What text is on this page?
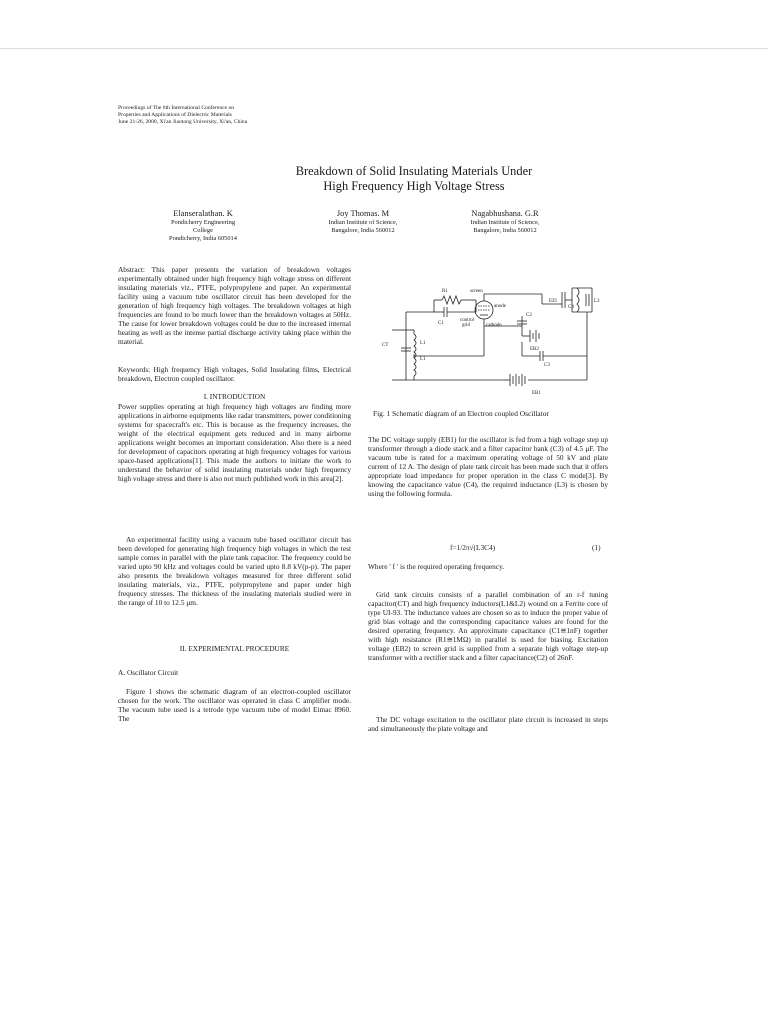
Proceedings of The 6th International Conference on
Properties and Applications of Dielectric Materials
June 21-26, 2000, Xi'an Jiaotong University, Xi'an, China
Breakdown of Solid Insulating Materials Under
High Frequency High Voltage Stress
Elanseralathan. K
Pondicherry Engineering
College
Pondicherry, India 605014
Joy Thomas. M
Indian Institute of Science,
Bangalore, India 560012
Nagabhushana. G.R
Indian Institute of Science,
Bangalore, India 560012
Abstract: This paper presents the variation of breakdown voltages experimentally obtained under high frequency high voltage stress on different insulating materials viz., PTFE, polypropylene and paper. An experimental facility using a vacuum tube oscillator circuit has been developed for the generation of high frequency high voltages. The breakdown voltages at high frequencies are found to be much lower than the breakdown voltages at 50Hz. The cause for lower breakdown voltages could be due to the increased internal heating as well as the intense partial discharge activity taking place within the material.
Keywords: High frequency High voltages, Solid Insulating films, Electrical breakdown, Electron coupled oscillator.
I. INTRODUCTION
Power supplies operating at high frequency high voltages are finding more applications in airborne equipments like radar transmitters, power conditioning systems for spacecraft's etc. This is because as the frequency increases, the weight of the electrical equipment gets reduced and in many airborne applications weight becomes an important consideration. Also there is a need for development of capacitors operating at high frequency voltages for various space-based applications[1]. This made the authors to initiate the work to understand the behavior of solid insulating materials under high frequency high voltage stress and there is also not much published work in this area[2].
An experimental facility using a vacuum tube based oscillator circuit has been developed for generating high frequency high voltages in which the test sample comes in parallel with the plate tank capacitor. The frequency could be varied upto 90 kHz and voltages could be varied upto 8.8 kV(p-p). The paper also presents the breakdown voltages measured for three different solid insulating materials, viz., PTFE, polypropylene and paper under high frequency stresses. The thickness of the insulating materials studied were in the range of 10 to 12.5 μm.
II. EXPERIMENTAL PROCEDURE
A. Oscillator Circuit
Figure 1 shows the schematic diagram of an electron-coupled oscillator chosen for the work. The oscillator was operated in class C amplifier mode. The vacuum tube used is a tetrode type vacuum tube of model Eimac 8960. The
R1
C1
screen
anode
control
grid	cathode
C2
EB2
CT	L1
L1
C3
EB1
EZI
C4
L3
Fig. 1 Schematic diagram of an Electron coupled Oscillator
The DC voltage supply (EB1) for the oscillator is fed from a high voltage step up transformer through a diode stack and a filter capacitor bank (C3) of 4.5 μF. The vacuum tube is rated for a maximum operating voltage of 50 kV and plate current of 12 A. The design of plate tank circuit has been made such that it offers appropriate load impedance for proper operation in the class C mode[3]. By knowing the capacitance value (C4), the required inductance (L3) is chosen by using the following formula.
f=1/2π√(L3C4)	(1)
Where ' f ' is the required operating frequency.
Grid tank circuits consists of a parallel combination of an r-f tuning capacitor(CT) and high frequency inductors(L1&L2) wound on a Ferrite core of type UI-93. The inductance values are chosen so as to induce the proper value of grid bias voltage and the corresponding capacitance values are found for the desired operating frequency. An approximate capacitance (C1≅1nF) together with high resistance (R1≅1MΩ) in parallel is used for biasing. Excitation voltage (EB2) to screen grid is supplied from a separate high voltage step-up transformer with a rectifier stack and a filter capacitance(C2) of 26nF.
The DC voltage excitation to the oscillator plate circuit is increased in steps and simultaneously the plate voltage and
